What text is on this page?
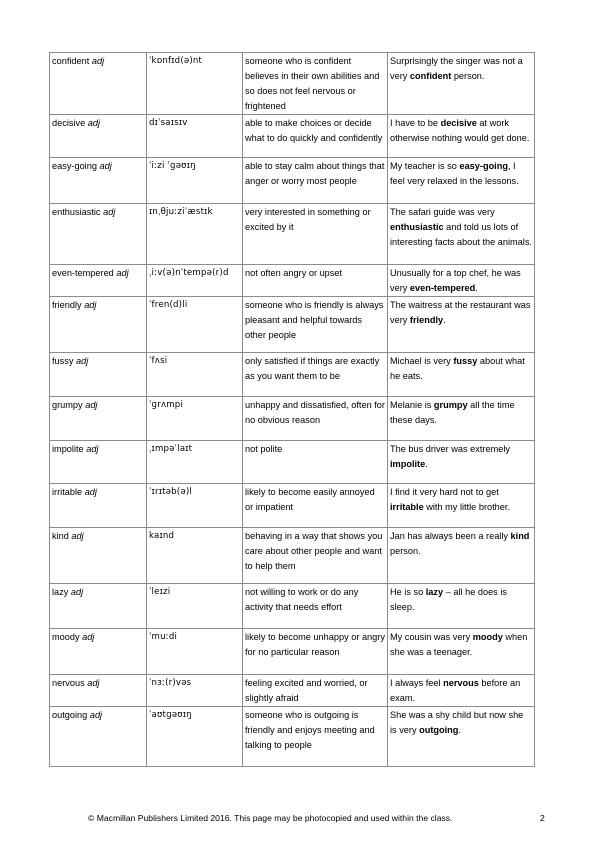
confident adj	ˈkɒnfɪd(ə)nt	someone who is confident believes in their own abilities and so does not feel nervous or frightened	Surprisingly the singer was not a very confident person.
decisive adj	dɪˈsaɪsɪv	able to make choices or decide what to do quickly and confidently	I have to be decisive at work otherwise nothing would get done.
easy-going adj	ˈiːzi ˈɡəʊɪŋ	able to stay calm about things that anger or worry most people	My teacher is so easy-going, I feel very relaxed in the lessons.
enthusiastic adj	ɪnˌθjuːziˈæstɪk	very interested in something or excited by it	The safari guide was very enthusiastic and told us lots of interesting facts about the animals.
even-tempered adj	ˌiːv(ə)nˈtempə(r)d	not often angry or upset	Unusually for a top chef, he was very even-tempered.
friendly adj	ˈfren(d)li	someone who is friendly is always pleasant and helpful towards other people	The waitress at the restaurant was very friendly.
fussy adj	ˈfʌsi	only satisfied if things are exactly as you want them to be	Michael is very fussy about what he eats.
grumpy adj	ˈɡrʌmpi	unhappy and dissatisfied, often for no obvious reason	Melanie is grumpy all the time these days.
impolite adj	ˌɪmpəˈlaɪt	not polite	The bus driver was extremely impolite.
irritable adj	ˈɪrɪtəb(ə)l	likely to become easily annoyed or impatient	I find it very hard not to get irritable with my little brother.
kind adj	kaɪnd	behaving in a way that shows you care about other people and want to help them	Jan has always been a really kind person.
lazy adj	ˈleɪzi	not willing to work or do any activity that needs effort	He is so lazy – all he does is sleep.
moody adj	ˈmuːdi	likely to become unhappy or angry for no particular reason	My cousin was very moody when she was a teenager.
nervous adj	ˈnɜː(r)vəs	feeling excited and worried, or slightly afraid	I always feel nervous before an exam.
outgoing adj	ˈaʊtɡəʊɪŋ	someone who is outgoing is friendly and enjoys meeting and talking to people	She was a shy child but now she is very outgoing.
© Macmillan Publishers Limited 2016. This page may be photocopied and used within the class.	2
